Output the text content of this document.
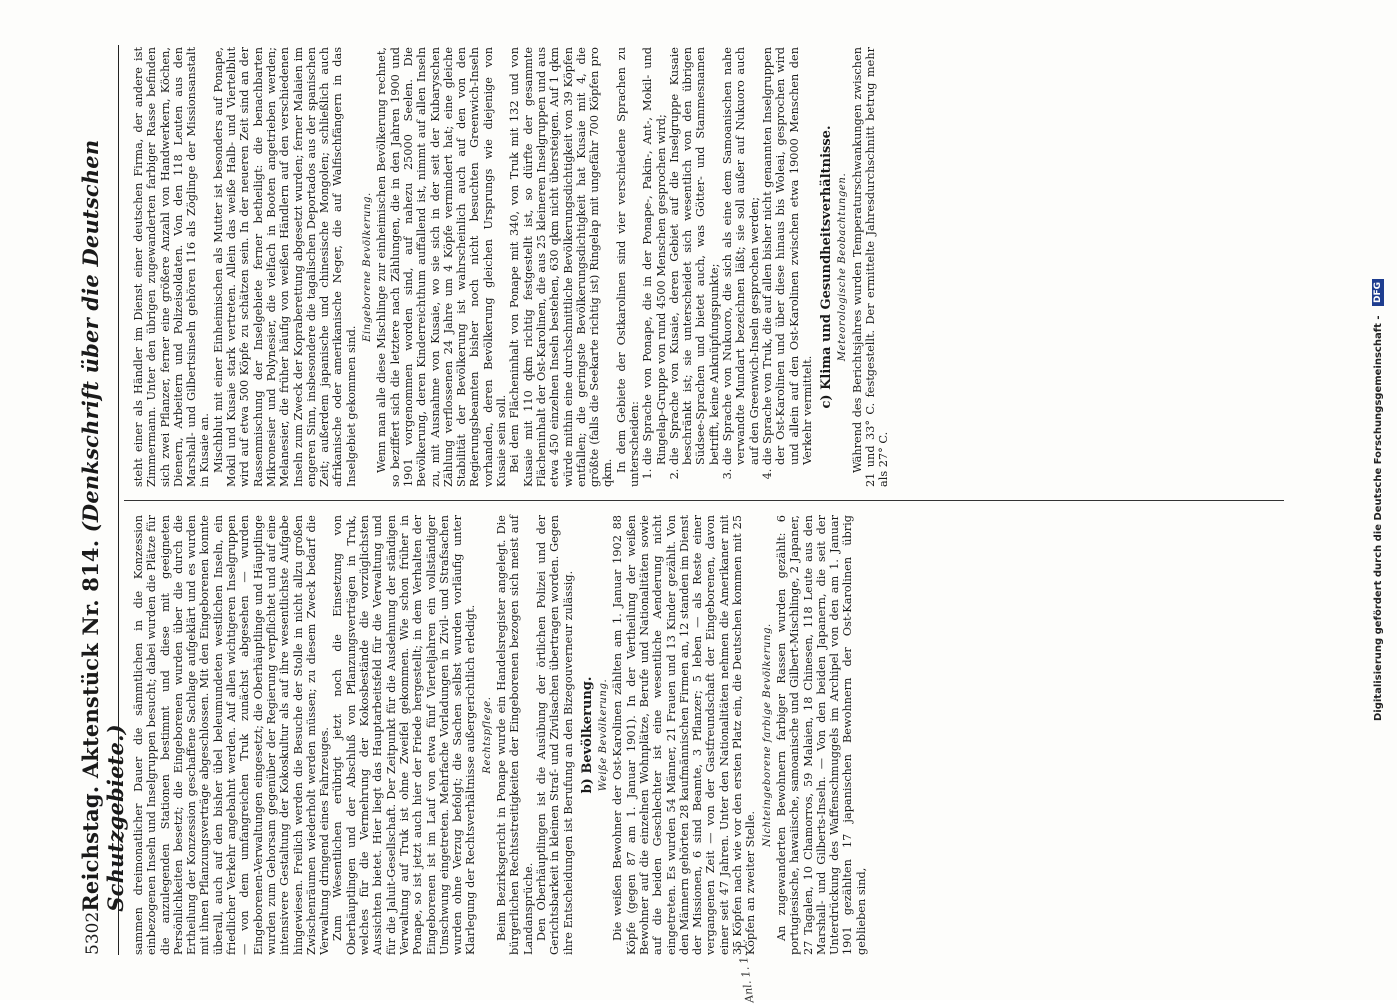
5302
Reichstag. Aktenstück Nr. 814. (Denkschrift über die Deutschen Schutzgebiete.)
Anl. 1. 1. 1.

sammen dreimonatlicher Dauer die sämmtlichen in die Konzession einbezogenen Inseln und Inselgruppen besucht; dabei wurden die Plätze für die anzulegenden Stationen bestimmt und diese mit geeigneten Persönlichkeiten besetzt; die Eingeborenen wurden über die durch die Ertheilung der Konzession geschaffene Sachlage aufgeklärt und es wurden mit ihnen Pflanzungsverträge abgeschlossen. Mit den Eingeborenen konnte überall, auch auf den bisher übel beleumundeten westlichen Inseln, ein friedlicher Verkehr angebahnt werden. Auf allen wichtigeren Inselgruppen — von dem umfangreichen Truk zunächst abgesehen — wurden Eingeborenen-Verwaltungen eingesetzt; die Oberhäuptlinge und Häuptlinge wurden zum Gehorsam gegenüber der Regierung verpflichtet und auf eine intensivere Gestaltung der Kokoskultur als auf ihre wesentlichste Aufgabe hingewiesen. Freilich werden die Besuche der Stolle in nicht allzu großen Zwischenräumen wiederholt werden müssen; zu diesem Zweck bedarf die Verwaltung dringend eines Fahrzeuges. Zum Wesentlichen erübrigt jetzt noch die Einsetzung von Oberhäuptlingen und der Abschluß von Pflanzungsverträgen in Truk, welches für die Vermehrung der Kokosbestände die vorzüglichsten Aussichten bietet. Hier liegt das Hauptarbeitsfeld für die Verwaltung und für die Jaluit-Gesellschaft. Der Zeitpunkt für die Ausdehnung der ständigen Verwaltung auf Truk ist ohne Zweifel gekommen. Wie schon früher in Ponape, so ist jetzt auch hier der Friede hergestellt; in dem Verhalten der Eingeborenen ist im Lauf von etwa fünf Vierteljahren ein vollständiger Umschwung eingetreten. Mehrfache Vorladungen in Zivil- und Strafsachen wurden ohne Verzug befolgt; die Sachen selbst wurden vorläufig unter Klarlegung der Rechtsverhältnisse außergerichtlich erledigt. Rechtspflege. Beim Bezirksgericht in Ponape wurde ein Handelsregister angelegt. Die bürgerlichen Rechtsstreitigkeiten der Eingeborenen bezogen sich meist auf Landansprüche. Den Oberhäuptlingen ist die Ausübung der örtlichen Polizei und der Gerichtsbarkeit in kleinen Straf- und Zivilsachen übertragen worden. Gegen ihre Entscheidungen ist Berufung an den Bizegouverneur zulässig. b) Bevölkerung. Weiße Bevölkerung. Die weißen Bewohner der Ost-Karolinen zählten am 1. Januar 1902 88 Köpfe (gegen 87 am 1. Januar 1901). In der Vertheilung der weißen Bewohner auf die einzelnen Wohnplätze, Berufe und Nationalitäten sowie auf die beiden Geschlechter ist eine wesentliche Aenderung nicht eingetreten. Es wurden 54 Männer, 21 Frauen und 13 Kinder gezählt. Von den Männern gehörten 28 kaufmännischen Firmen an, 12 standen im Dienst der Missionen, 6 sind Beamte, 3 Pflanzer; 5 leben — als Reste einer vergangenen Zeit — von der Gastfreundschaft der Eingeborenen, davon einer seit 47 Jahren. Unter den Nationalitäten nehmen die Amerikaner mit 35 Köpfen nach wie vor den ersten Platz ein, die Deutschen kommen mit 25 Köpfen an zweiter Stelle.

Nichteingeborene farbige Bevölkerung. An zugewanderten Bewohnern farbiger Rassen wurden gezählt: 6 portugiesische, hawaiische, samoanische und Gilbert-Mischlinge, 2 Japaner, 27 Tagalen, 10 Chamorros, 59 Malaien, 18 Chinesen, 118 Leute aus den Marshall- und Gilberts-Inseln. — Von den beiden Japanern, die seit der Unterdrückung des Waffenschmuggels im Archipel von den am 1. Januar 1901 gezählten 17 japanischen Bewohnern der Ost-Karolinen übrig geblieben sind,

steht einer als Händler im Dienst einer deutschen Firma, der andere ist Zimmermann. Unter den übrigen zugewanderten farbiger Rasse befinden sich zwei Pflanzer, ferner eine größere Anzahl von Handwerkern, Köchen, Dienern, Arbeitern und Polizeisoldaten. Von den 118 Leuten aus den Marshall- und Gilbertsinseln gehören 116 als Zöglinge der Missionsanstalt in Kusaie an. Mischblut mit einer Einheimischen als Mutter ist besonders auf Ponape, Mokil und Kusaie stark vertreten. Allein das weiße Halb- und Viertelblut wird auf etwa 500 Köpfe zu schätzen sein. In der neueren Zeit sind an der Rassenmischung der Inselgebiete ferner betheiligt: die benachbarten Mikronesier und Polynesier, die vielfach in Booten angetrieben werden; Melanesier, die früher häufig von weißen Händlern auf den verschiedenen Inseln zum Zweck der Kopraberettung abgesetzt wurden; ferner Malaien im engeren Sinn, insbesondere die tagalischen Deportados aus der spanischen Zeit; außerdem japanische und chinesische Mongolen; schließlich auch afrikanische oder amerikanische Neger, die auf Walfischfängern in das Inselgebiet gekommen sind.

Eingeborene Bevölkerung. Wenn man alle diese Mischlinge zur einheimischen Bevölkerung rechnet, so beziffert sich die letztere nach Zählungen, die in den Jahren 1900 und 1901 vorgenommen worden sind, auf nahezu 25000 Seelen. Die Bevölkerung, deren Kinderreichthum auffallend ist, nimmt auf allen Inseln zu, mit Ausnahme von Kusaie, wo sie sich in der seit der Kubaryschen Zählung verflossenen 24 Jahre um 4 Köpfe vermindert hat; eine gleiche Stabilität der Bevölkerung ist wahrscheinlich auch auf den von den Regierungsbeamten bisher noch nicht besuchten Greenwich-Inseln vorhanden, deren Bevölkerung gleichen Ursprungs wie diejenige von Kusaie sein soll. Bei dem Flächeninhalt von Ponape mit 340, von Truk mit 132 und von Kusaie mit 110 qkm richtig festgestellt ist, so dürfte der gesammte Flächeninhalt der Ost-Karolinen, die aus 25 kleineren Inselgruppen und aus etwa 450 einzelnen Inseln bestehen, 630 qkm nicht übersteigen. Auf 1 qkm würde mithin eine durchschnittliche Bevölkerungsdichtigkeit von 39 Köpfen entfallen; die geringste Bevölkerungsdichtigkeit hat Kusaie mit 4, die größte (falls die Seekarte richtig ist) Ringelap mit ungefähr 700 Köpfen pro qkm. In dem Gebiete der Ostkarolinen sind vier verschiedene Sprachen zu unterscheiden: 1. die Sprache von Ponape, die in der Ponape-, Pakin-, Ant-, Mokil- und Ringelap-Gruppe von rund 4500 Menschen gesprochen wird; 2. die Sprache von Kusaie, deren Gebiet auf die Inselgruppe Kusaie beschränkt ist; sie unterscheidet sich wesentlich von den übrigen Südsee-Sprachen und bietet auch, was Götter- und Stammesnamen betrifft, keine Anknüpfungspunkte; 3. die Sprache von Nukuoro, die sich als eine dem Samoanischen nahe verwandte Mundart bezeichnen läßt; sie soll außer auf Nukuoro auch auf den Greenwich-Inseln gesprochen werden; 4. die Sprache von Truk, die auf allen bisher nicht genannten Inselgruppen der Ost-Karolinen und über diese hinaus bis Woleai, gesprochen wird und allein auf den Ost-Karolinen zwischen etwa 19000 Menschen den Verkehr vermittelt.
c) Klima und Gesundheitsverhältnisse. Meteorologische Beobachtungen. Während des Berichtsjahres wurden Temperaturschwankungen zwischen 21 und 33° C. festgestellt. Der ermittelte Jahresdurchschnitt betrug mehr als 27° C.	Digitalisierung gefördert durch die Deutsche Forschungsgemeinschaft - DFG
